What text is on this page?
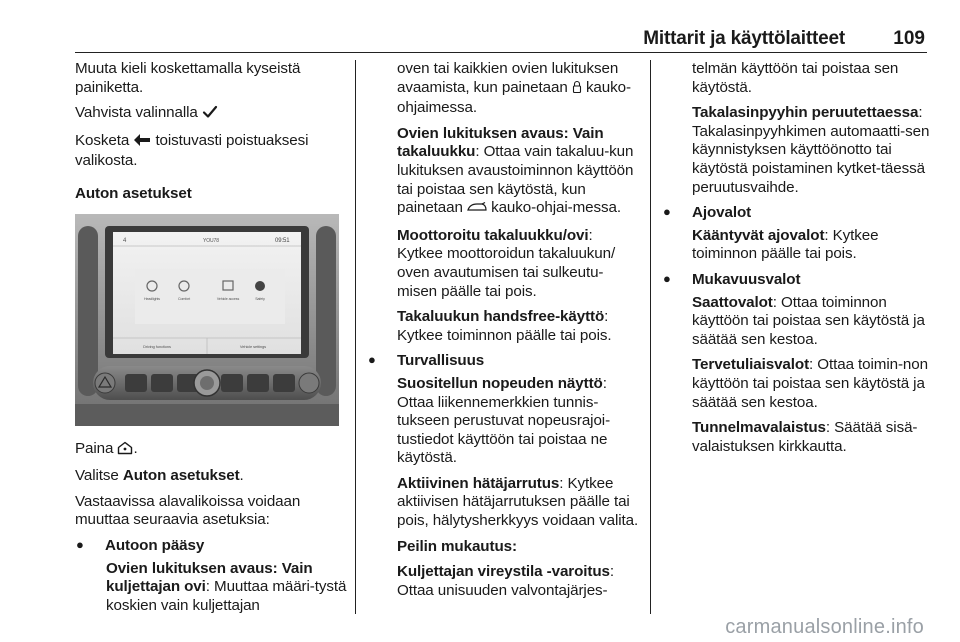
Mittarit ja käyttölaitteet	109

Muuta kieli koskettamalla kyseistä painiketta.

Vahvista valinnalla

Kosketa toistuvasti poistuaksesi valikosta.

Auton asetukset

4	YOU78	09:51
Headlights	Comfort	Vehicle access	Safety
Driving functions	Vehicle settings

Paina .

Valitse Auton asetukset.

Vastaavissa alavalikoissa voidaan muuttaa seuraavia asetuksia:

● Autoon pääsy

Ovien lukituksen avaus: Vain kuljettajan ovi: Muuttaa määri-tystä koskien vain kuljettajan

oven tai kaikkien ovien lukituksen avaamista, kun painetaan kauko-ohjaimessa.

Ovien lukituksen avaus: Vain takaluukku: Ottaa vain takaluu-kun lukituksen avaustoiminnon käyttöön tai poistaa sen käytöstä, kun painetaan kauko-ohjai-messa.

Moottoroitu takaluukku/ovi: Kytkee moottoroidun takaluukun/ oven avautumisen tai sulkeutu-misen päälle tai pois.

Takaluukun handsfree-käyttö: Kytkee toiminnon päälle tai pois.

● Turvallisuus

Suositellun nopeuden näyttö: Ottaa liikennemerkkien tunnis-tukseen perustuvat nopeusrajoi-tustiedot käyttöön tai poistaa ne käytöstä.

Aktiivinen hätäjarrutus: Kytkee aktiivisen hätäjarrutuksen päälle tai pois, hälytysherkkyys voidaan valita.

Peilin mukautus:

Kuljettajan vireystila -varoitus: Ottaa unisuuden valvontajärjes-

telmän käyttöön tai poistaa sen käytöstä.

Takalasinpyyhin peruutettaessa: Takalasinpyyhkimen automaatti-sen käynnistyksen käyttöönotto tai käytöstä poistaminen kytket-täessä peruutusvaihde.

● Ajovalot

Kääntyvät ajovalot: Kytkee toiminnon päälle tai pois.

● Mukavuusvalot

Saattovalot: Ottaa toiminnon käyttöön tai poistaa sen käytöstä ja säätää sen kestoa.

Tervetuliaisvalot: Ottaa toimin-non käyttöön tai poistaa sen käytöstä ja säätää sen kestoa.

Tunnelmavalaistus: Säätää sisä-valaistuksen kirkkautta.

carmanualsonline.info
